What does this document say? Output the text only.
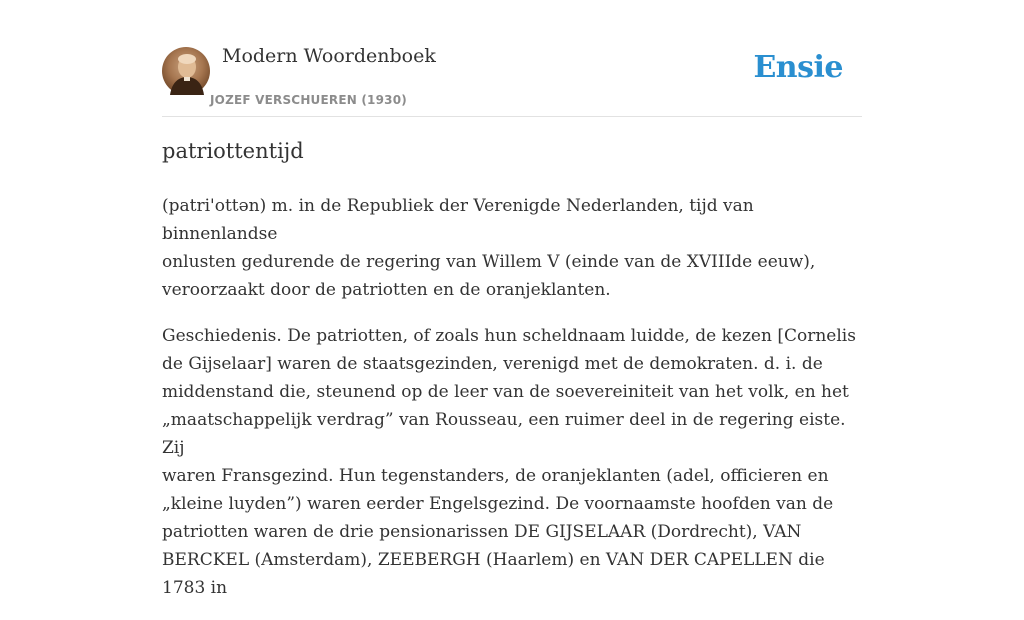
Modern Woordenboek
JOZEF VERSCHUEREN (1930)
Ensie
patriottentijd

(patri'ottən) m. in de Republiek der Verenigde Nederlanden, tijd van binnenlandse
onlusten gedurende de regering van Willem V (einde van de XVIIIde eeuw),
veroorzaakt door de patriotten en de oranjeklanten.

Geschiedenis. De patriotten, of zoals hun scheldnaam luidde, de kezen [Cornelis
de Gijselaar] waren de staatsgezinden, verenigd met de demokraten. d. i. de
middenstand die, steunend op de leer van de soevereiniteit van het volk, en het
„maatschappelijk verdrag” van Rousseau, een ruimer deel in de regering eiste. Zij
waren Fransgezind. Hun tegenstanders, de oranjeklanten (adel, officieren en
„kleine luyden”) waren eerder Engelsgezind. De voornaamste hoofden van de
patriotten waren de drie pensionarissen DE GIJSELAAR (Dordrecht), VAN
BERCKEL (Amsterdam), ZEEBERGH (Haarlem) en VAN DER CAPELLEN die 1783 in
